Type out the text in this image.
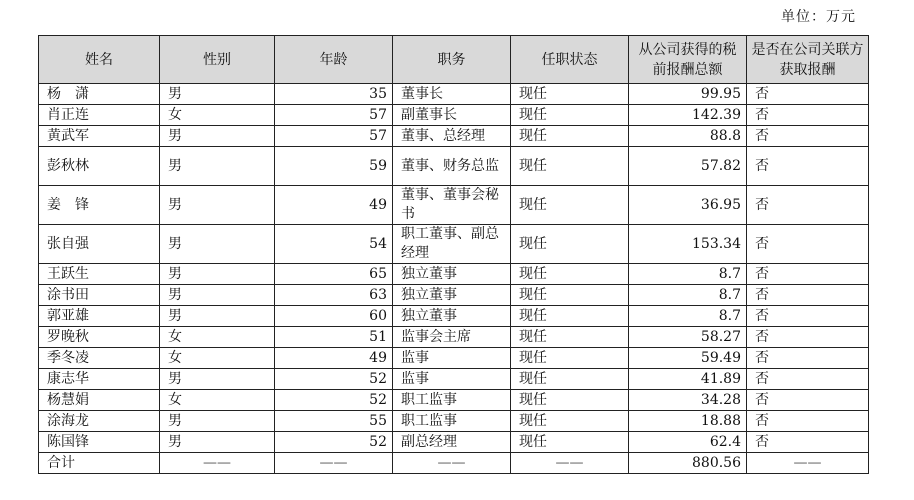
单位：万元
姓名	性别	年龄	职务	任职状态	从公司获得的税前报酬总额	是否在公司关联方获取报酬
杨　潇	男	35	董事长	现任	99.95	否
肖正连	女	57	副董事长	现任	142.39	否
黄武军	男	57	董事、总经理	现任	88.8	否
彭秋林	男	59	董事、财务总监	现任	57.82	否
姜　锋	男	49	董事、董事会秘书	现任	36.95	否
张自强	男	54	职工董事、副总经理	现任	153.34	否
王跃生	男	65	独立董事	现任	8.7	否
涂书田	男	63	独立董事	现任	8.7	否
郭亚雄	男	60	独立董事	现任	8.7	否
罗晚秋	女	51	监事会主席	现任	58.27	否
季冬凌	女	49	监事	现任	59.49	否
康志华	男	52	监事	现任	41.89	否
杨慧娟	女	52	职工监事	现任	34.28	否
涂海龙	男	55	职工监事	现任	18.88	否
陈国锋	男	52	副总经理	现任	62.4	否
合计	——	——	——	——	880.56	——
